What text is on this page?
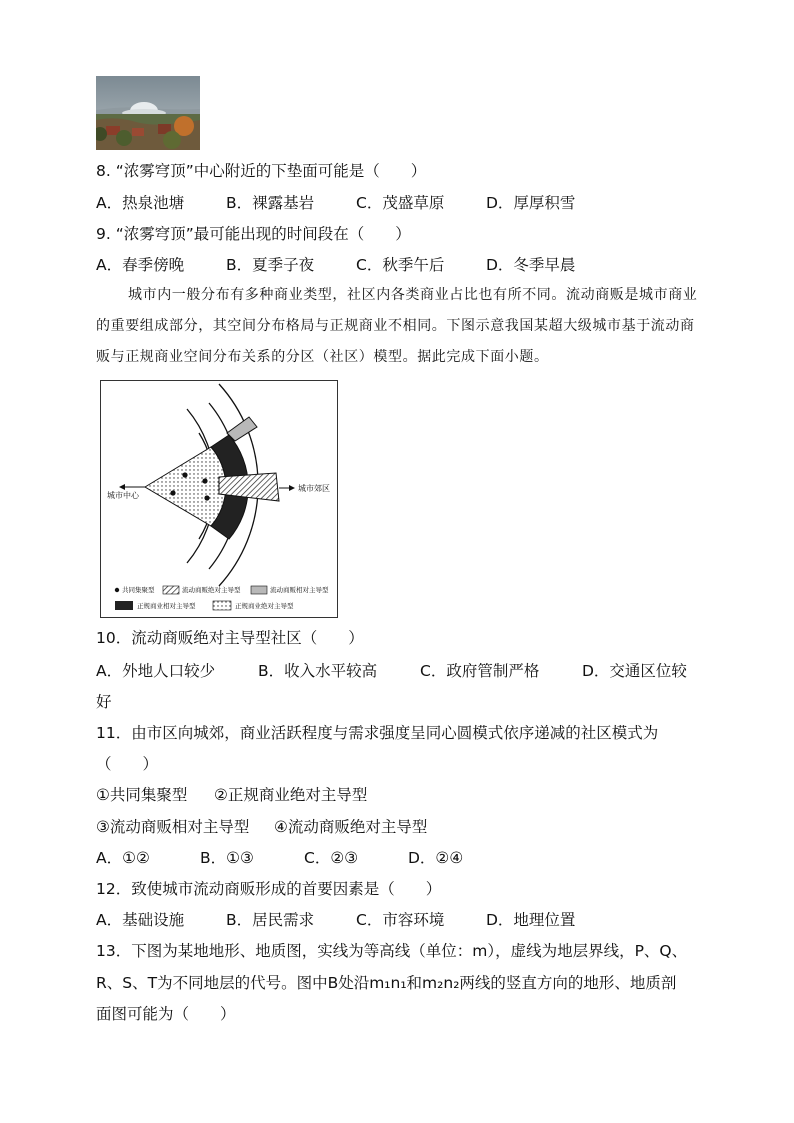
8. “浓雾穹顶”中心附近的下垫面可能是（　　）
A．热泉池塘	B．裸露基岩	C．茂盛草原	D．厚厚积雪
9. “浓雾穹顶”最可能出现的时间段在（　　）
A．春季傍晚	B．夏季子夜	C．秋季午后	D．冬季早晨
城市内一般分布有多种商业类型，社区内各类商业占比也有所不同。流动商贩是城市商业的重要组成部分，其空间分布格局与正规商业不相同。下图示意我国某超大级城市基于流动商贩与正规商业空间分布关系的分区（社区）模型。据此完成下面小题。
城市中心
城市郊区
共同集聚型	流动商贩绝对主导型	流动商贩相对主导型
正规商业相对主导型	正规商业绝对主导型
10．流动商贩绝对主导型社区（　　）
A．外地人口较少	B．收入水平较高	C．政府管制严格	D．交通区位较
好
11．由市区向城郊，商业活跃程度与需求强度呈同心圆模式依序递减的社区模式为
（　　）
①共同集聚型	②正规商业绝对主导型
③流动商贩相对主导型	④流动商贩绝对主导型
A．①②	B．①③	C．②③	D．②④
12．致使城市流动商贩形成的首要因素是（　　）
A．基础设施	B．居民需求	C．市容环境	D．地理位置
13．下图为某地地形、地质图，实线为等高线（单位：m），虚线为地层界线，P、Q、
R、S、T为不同地层的代号。图中B处沿m₁n₁和m₂n₂两线的竖直方向的地形、地质剖
面图可能为（　　）
